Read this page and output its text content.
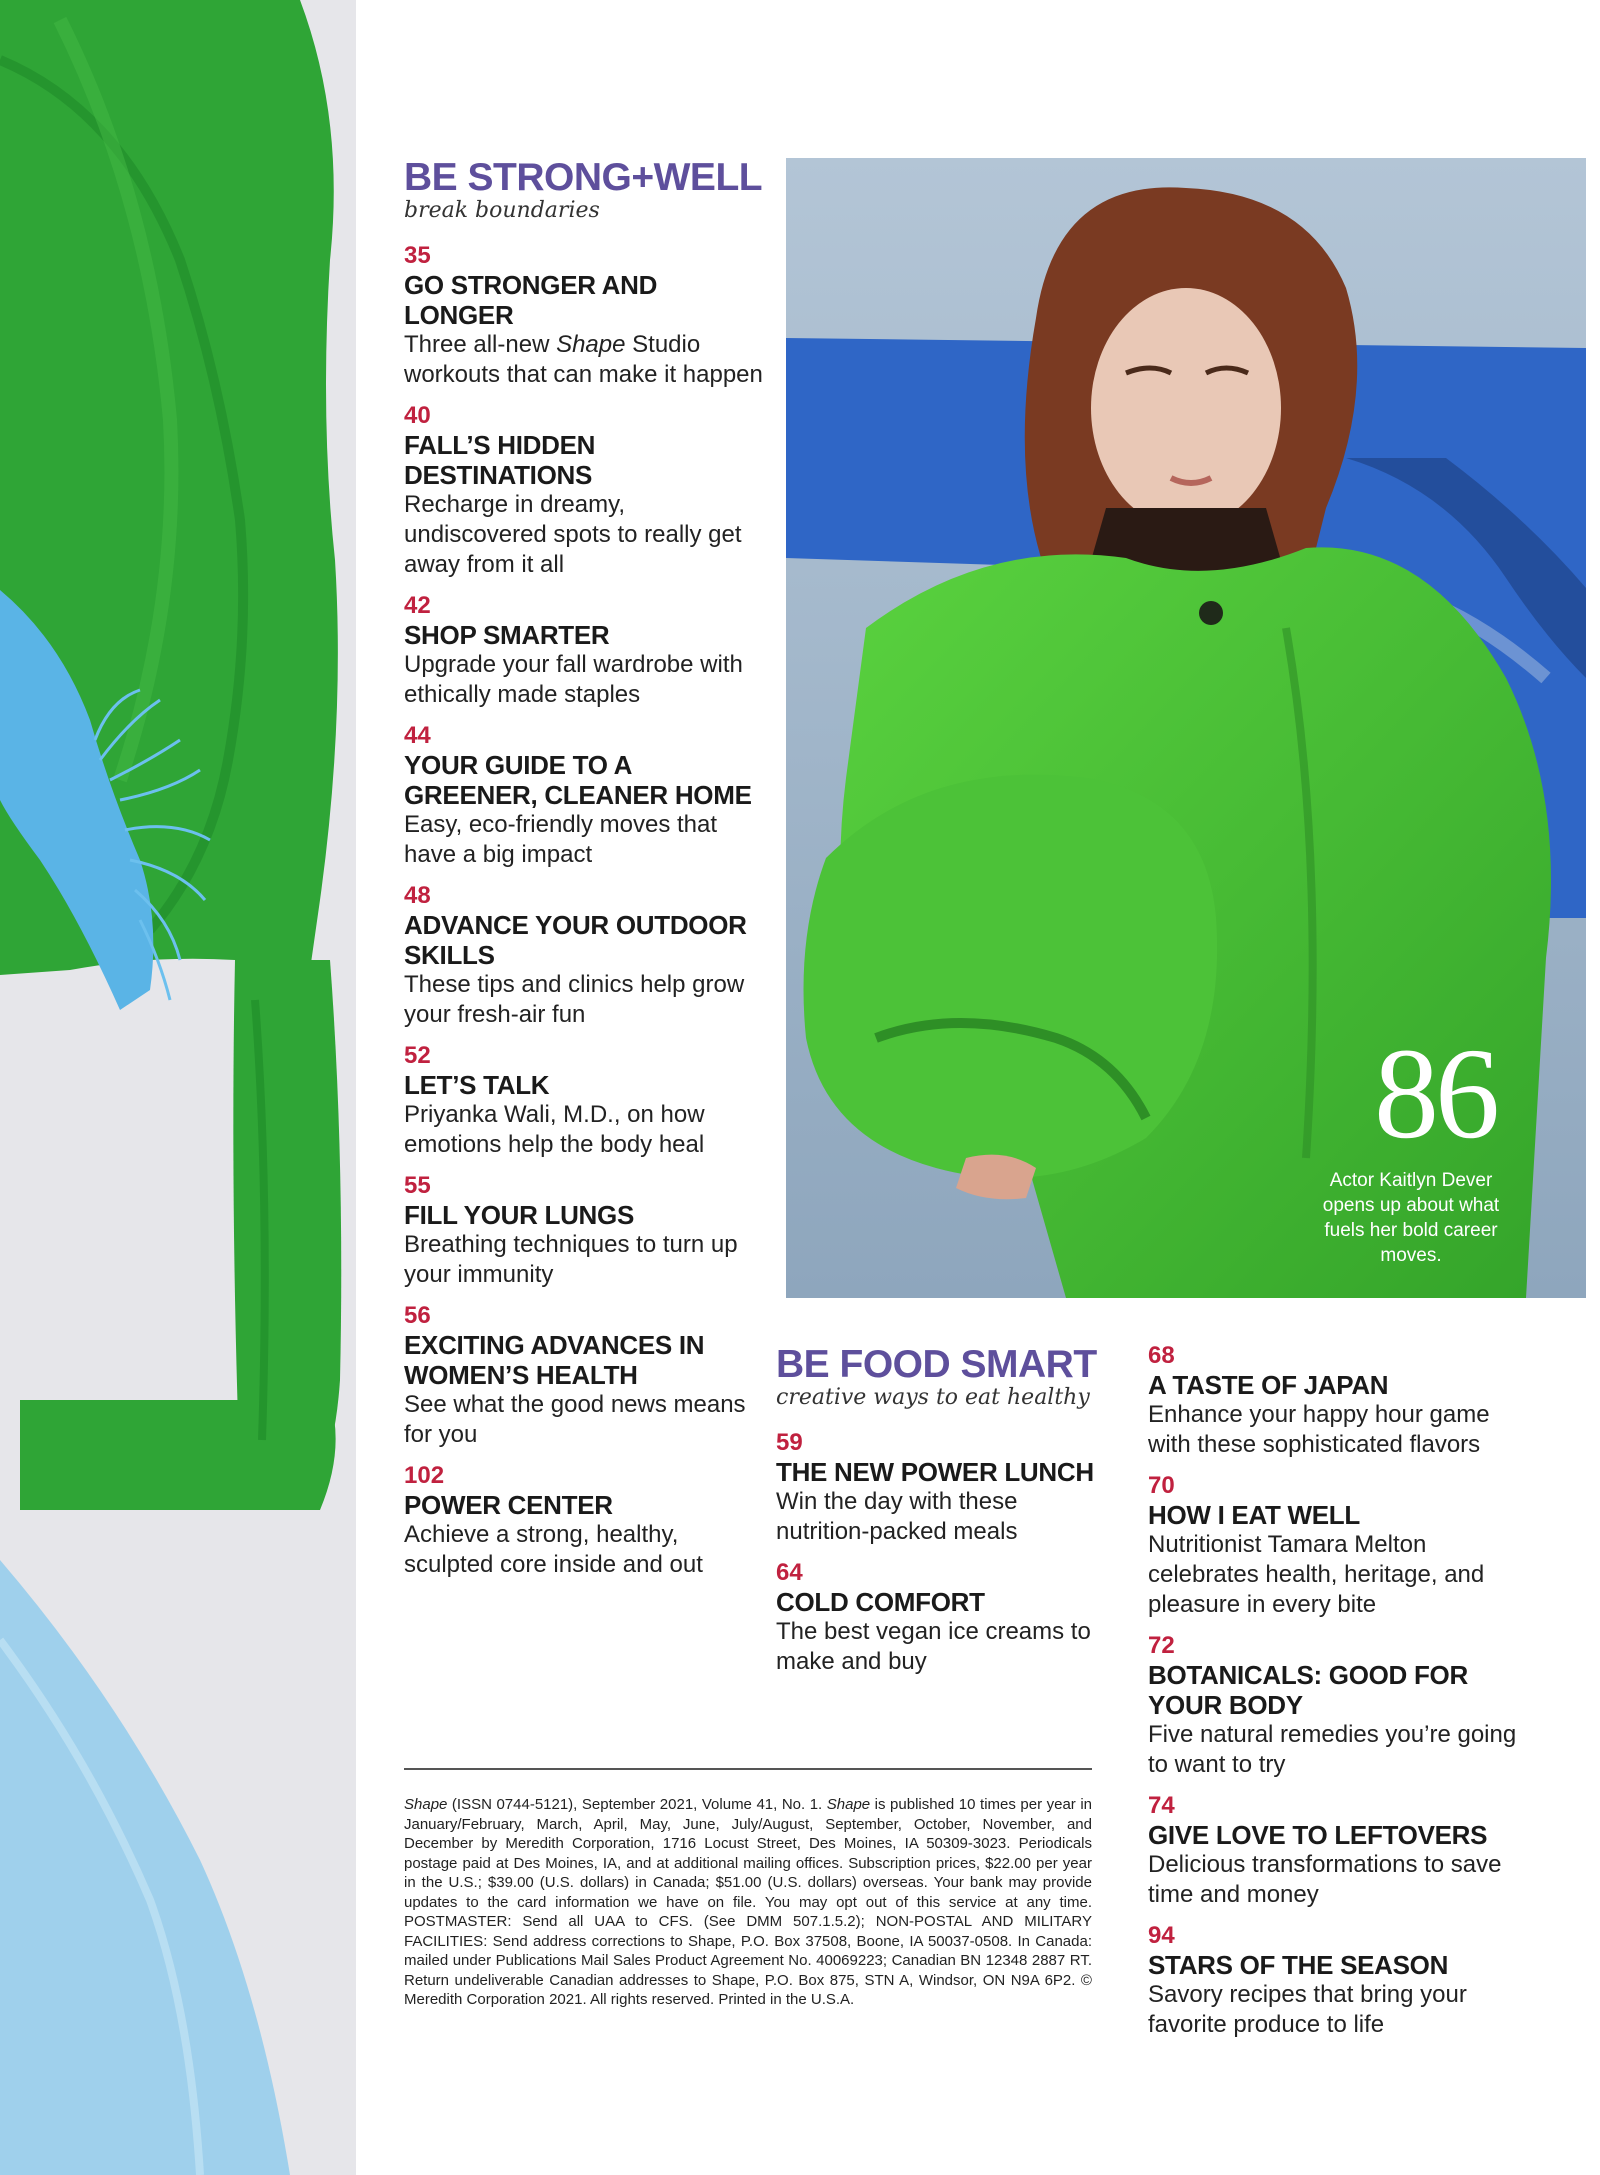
BE STRONG+WELL
break boundaries
35
GO STRONGER AND LONGER
Three all-new Shape Studio workouts that can make it happen
40
FALL’S HIDDEN DESTINATIONS
Recharge in dreamy, undiscovered spots to really get away from it all
42
SHOP SMARTER
Upgrade your fall wardrobe with ethically made staples
44
YOUR GUIDE TO A GREENER, CLEANER HOME
Easy, eco-friendly moves that have a big impact
48
ADVANCE YOUR OUTDOOR SKILLS
These tips and clinics help grow your fresh-air fun
52
LET’S TALK
Priyanka Wali, M.D., on how emotions help the body heal
55
FILL YOUR LUNGS
Breathing techniques to turn up your immunity
56
EXCITING ADVANCES IN WOMEN’S HEALTH
See what the good news means for you
102
POWER CENTER
Achieve a strong, healthy, sculpted core inside and out
86
Actor Kaitlyn Dever opens up about what fuels her bold career moves.
BE FOOD SMART
creative ways to eat healthy
59
THE NEW POWER LUNCH
Win the day with these nutrition-packed meals
64
COLD COMFORT
The best vegan ice creams to make and buy
68
A TASTE OF JAPAN
Enhance your happy hour game with these sophisticated flavors
70
HOW I EAT WELL
Nutritionist Tamara Melton celebrates health, heritage, and pleasure in every bite
72
BOTANICALS: GOOD FOR YOUR BODY
Five natural remedies you’re going to want to try
74
GIVE LOVE TO LEFTOVERS
Delicious transformations to save time and money
94
STARS OF THE SEASON
Savory recipes that bring your favorite produce to life
Shape (ISSN 0744-5121), September 2021, Volume 41, No. 1. Shape is published 10 times per year in January/February, March, April, May, June, July/August, September, October, November, and December by Meredith Corporation, 1716 Locust Street, Des Moines, IA 50309-3023. Periodicals postage paid at Des Moines, IA, and at additional mailing offices. Subscription prices, $22.00 per year in the U.S.; $39.00 (U.S. dollars) in Canada; $51.00 (U.S. dollars) overseas. Your bank may provide updates to the card information we have on file. You may opt out of this service at any time. POSTMASTER: Send all UAA to CFS. (See DMM 507.1.5.2); NON-POSTAL AND MILITARY FACILITIES: Send address corrections to Shape, P.O. Box 37508, Boone, IA 50037-0508. In Canada: mailed under Publications Mail Sales Product Agreement No. 40069223; Canadian BN 12348 2887 RT. Return undeliverable Canadian addresses to Shape, P.O. Box 875, STN A, Windsor, ON N9A 6P2. © Meredith Corporation 2021. All rights reserved. Printed in the U.S.A.
